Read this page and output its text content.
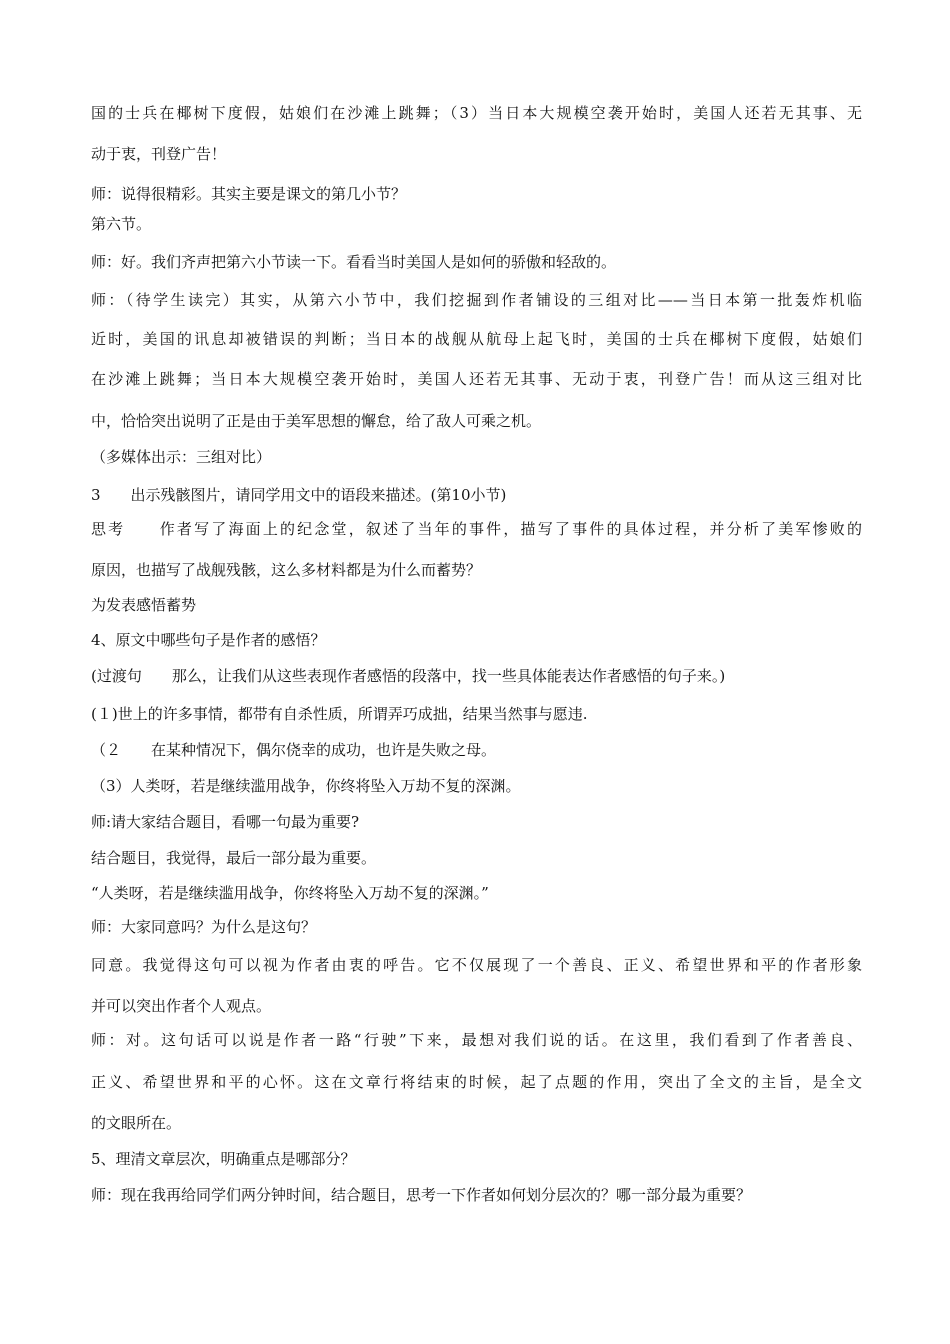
国的士兵在椰树下度假，姑娘们在沙滩上跳舞；（3）当日本大规模空袭开始时，美国人还若无其事、无
动于衷，刊登广告！
师：说得很精彩。其实主要是课文的第几小节？
第六节。
师：好。我们齐声把第六小节读一下。看看当时美国人是如何的骄傲和轻敌的。
师：（待学生读完）其实，从第六小节中，我们挖掘到作者铺设的三组对比——当日本第一批轰炸机临
近时，美国的讯息却被错误的判断；当日本的战舰从航母上起飞时，美国的士兵在椰树下度假，姑娘们
在沙滩上跳舞；当日本大规模空袭开始时，美国人还若无其事、无动于衷，刊登广告！而从这三组对比
中，恰恰突出说明了正是由于美军思想的懈怠，给了敌人可乘之机。
（多媒体出示：三组对比）
3　　出示残骸图片，请同学用文中的语段来描述。(第10小节)
思考　　作者写了海面上的纪念堂，叙述了当年的事件，描写了事件的具体过程，并分析了美军惨败的
原因，也描写了战舰残骸，这么多材料都是为什么而蓄势？
为发表感悟蓄势
4、原文中哪些句子是作者的感悟？
(过渡句　　那么，让我们从这些表现作者感悟的段落中，找一些具体能表达作者感悟的句子来。)
(１)世上的许多事情，都带有自杀性质，所谓弄巧成拙，结果当然事与愿违.
（２　　在某种情况下，偶尔侥幸的成功，也许是失败之母。
（3）人类呀，若是继续滥用战争，你终将坠入万劫不复的深渊。
师:请大家结合题目，看哪一句最为重要?
结合题目，我觉得，最后一部分最为重要。
“人类呀，若是继续滥用战争，你终将坠入万劫不复的深渊。”
师：大家同意吗？为什么是这句？
同意。我觉得这句可以视为作者由衷的呼告。它不仅展现了一个善良、正义、希望世界和平的作者形象
并可以突出作者个人观点。
师：对。这句话可以说是作者一路“行驶”下来，最想对我们说的话。在这里，我们看到了作者善良、
正义、希望世界和平的心怀。这在文章行将结束的时候，起了点题的作用，突出了全文的主旨，是全文
的文眼所在。
5、理清文章层次，明确重点是哪部分？
师：现在我再给同学们两分钟时间，结合题目，思考一下作者如何划分层次的？哪一部分最为重要？
